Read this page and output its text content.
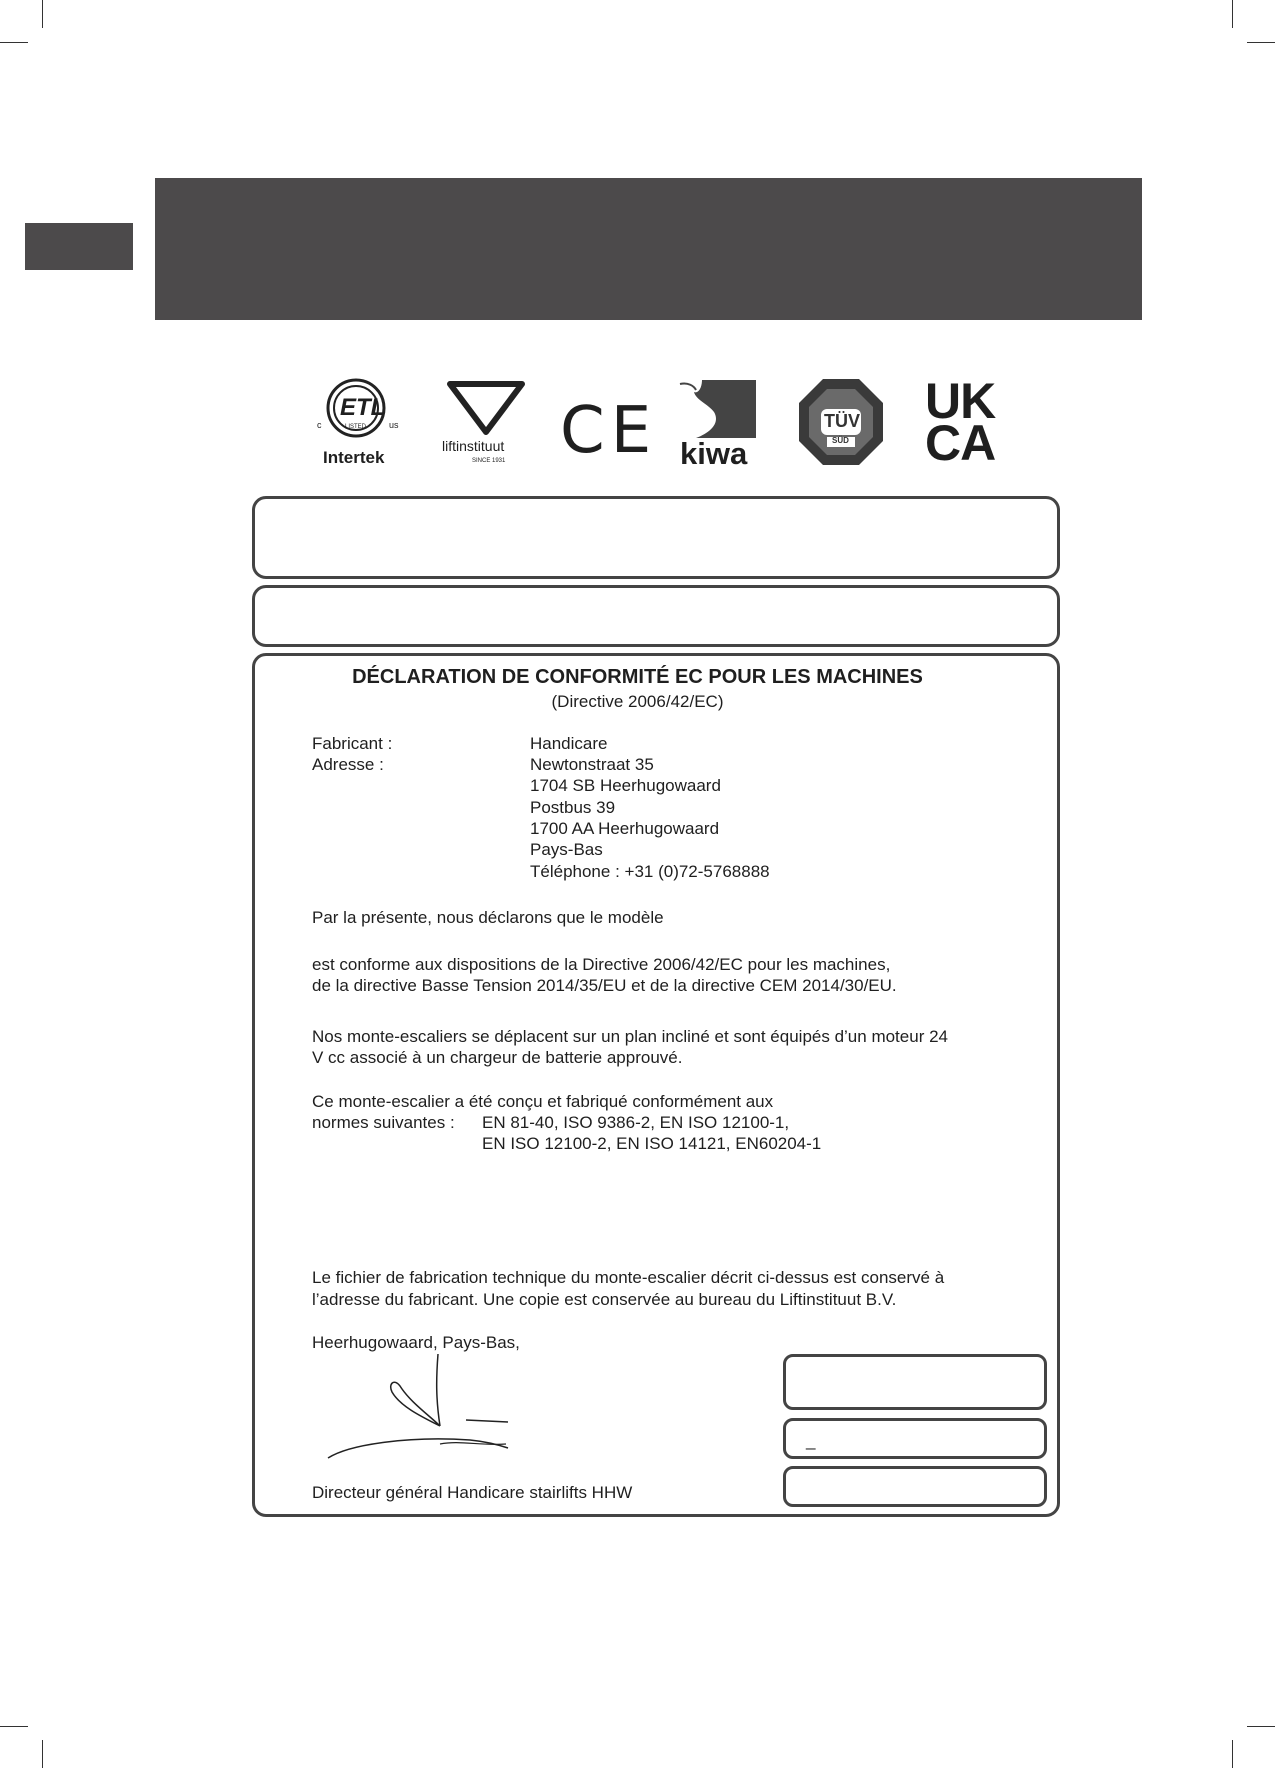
ETL
c	us
LISTED
Intertek
liftinstituut
SINCE 1931 CE kiwa
TÜV
SÜD
UK
CA
DÉCLARATION DE CONFORMITÉ EC POUR LES MACHINES
(Directive 2006/42/EC)
Fabricant :	Handicare
Adresse :	Newtonstraat 35
1704 SB Heerhugowaard
Postbus 39
1700 AA Heerhugowaard
Pays-Bas
Téléphone : +31 (0)72-5768888
Par la présente, nous déclarons que le modèle
est conforme aux dispositions de la Directive 2006/42/EC pour les machines,
de la directive Basse Tension 2014/35/EU et de la directive CEM 2014/30/EU.
Nos monte-escaliers se déplacent sur un plan incliné et sont équipés d’un moteur 24
V cc associé à un chargeur de batterie approuvé.
Ce monte-escalier a été conçu et fabriqué conformément aux
normes suivantes : EN 81-40, ISO 9386-2, EN ISO 12100-1,
EN ISO 12100-2, EN ISO 14121, EN60204-1
Le fichier de fabrication technique du monte-escalier décrit ci-dessus est conservé à
l’adresse du fabricant. Une copie est conservée au bureau du Liftinstituut B.V.
Heerhugowaard, Pays-Bas,
Directeur général Handicare stairlifts HHW
_
